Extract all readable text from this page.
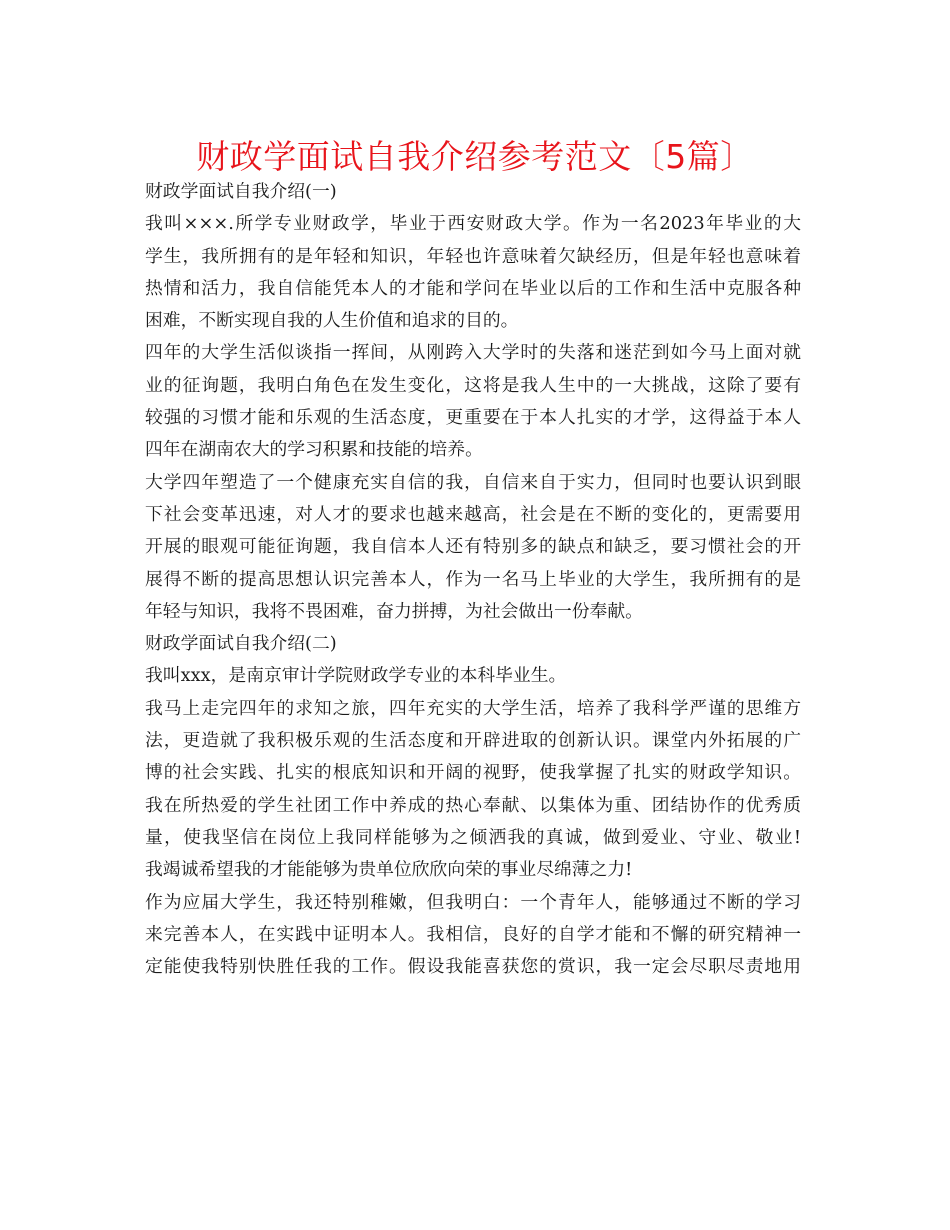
财政学面试自我介绍参考范文〔5篇〕

财政学面试自我介绍(一)

我叫×××.所学专业财政学，毕业于西安财政大学。作为一名2023年毕业的大

学生，我所拥有的是年轻和知识，年轻也许意味着欠缺经历，但是年轻也意味着

热情和活力，我自信能凭本人的才能和学问在毕业以后的工作和生活中克服各种

困难，不断实现自我的人生价值和追求的目的。

四年的大学生活似谈指一挥间，从刚跨入大学时的失落和迷茫到如今马上面对就

业的征询题，我明白角色在发生变化，这将是我人生中的一大挑战，这除了要有

较强的习惯才能和乐观的生活态度，更重要在于本人扎实的才学，这得益于本人

四年在湖南农大的学习积累和技能的培养。

大学四年塑造了一个健康充实自信的我，自信来自于实力，但同时也要认识到眼

下社会变革迅速，对人才的要求也越来越高，社会是在不断的变化的，更需要用

开展的眼观可能征询题，我自信本人还有特别多的缺点和缺乏，要习惯社会的开

展得不断的提高思想认识完善本人，作为一名马上毕业的大学生，我所拥有的是

年轻与知识，我将不畏困难，奋力拼搏，为社会做出一份奉献。

财政学面试自我介绍(二)

我叫xxx，是南京审计学院财政学专业的本科毕业生。

我马上走完四年的求知之旅，四年充实的大学生活，培养了我科学严谨的思维方

法，更造就了我积极乐观的生活态度和开辟进取的创新认识。课堂内外拓展的广

博的社会实践、扎实的根底知识和开阔的视野，使我掌握了扎实的财政学知识。

我在所热爱的学生社团工作中养成的热心奉献、以集体为重、团结协作的优秀质

量，使我坚信在岗位上我同样能够为之倾洒我的真诚，做到爱业、守业、敬业!

我竭诚希望我的才能能够为贵单位欣欣向荣的事业尽绵薄之力!

作为应届大学生，我还特别稚嫩，但我明白：一个青年人，能够通过不断的学习

来完善本人，在实践中证明本人。我相信，良好的自学才能和不懈的研究精神一

定能使我特别快胜任我的工作。假设我能喜获您的赏识，我一定会尽职尽责地用
